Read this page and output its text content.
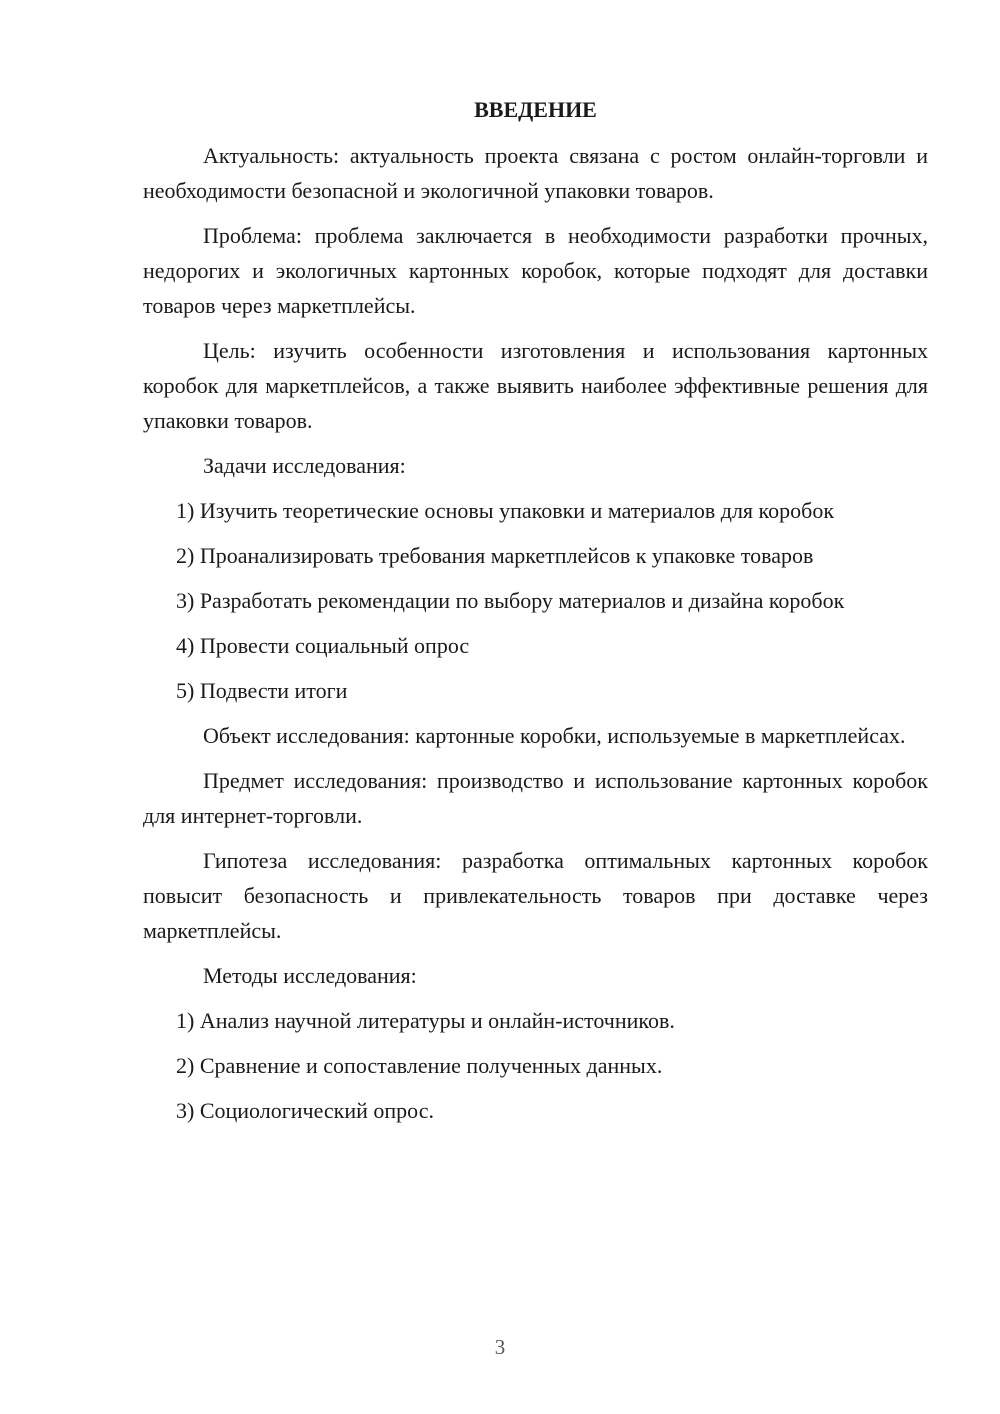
ВВЕДЕНИЕ

Актуальность: актуальность проекта связана с ростом онлайн-торговли и необходимости безопасной и экологичной упаковки товаров.

Проблема: проблема заключается в необходимости разработки прочных, недорогих и экологичных картонных коробок, которые подходят для доставки товаров через маркетплейсы.

Цель: изучить особенности изготовления и использования картонных коробок для маркетплейсов, а также выявить наиболее эффективные решения для упаковки товаров.

Задачи исследования:

1) Изучить теоретические основы упаковки и материалов для коробок

2) Проанализировать требования маркетплейсов к упаковке товаров

3) Разработать рекомендации по выбору материалов и дизайна коробок

4) Провести социальный опрос

5) Подвести итоги

Объект исследования: картонные коробки, используемые в маркетплейсах.

Предмет исследования: производство и использование картонных коробок для интернет-торговли.

Гипотеза исследования: разработка оптимальных картонных коробок повысит безопасность и привлекательность товаров при доставке через маркетплейсы.

Методы исследования:

1) Анализ научной литературы и онлайн-источников.

2) Сравнение и сопоставление полученных данных.

3) Социологический опрос.

3
